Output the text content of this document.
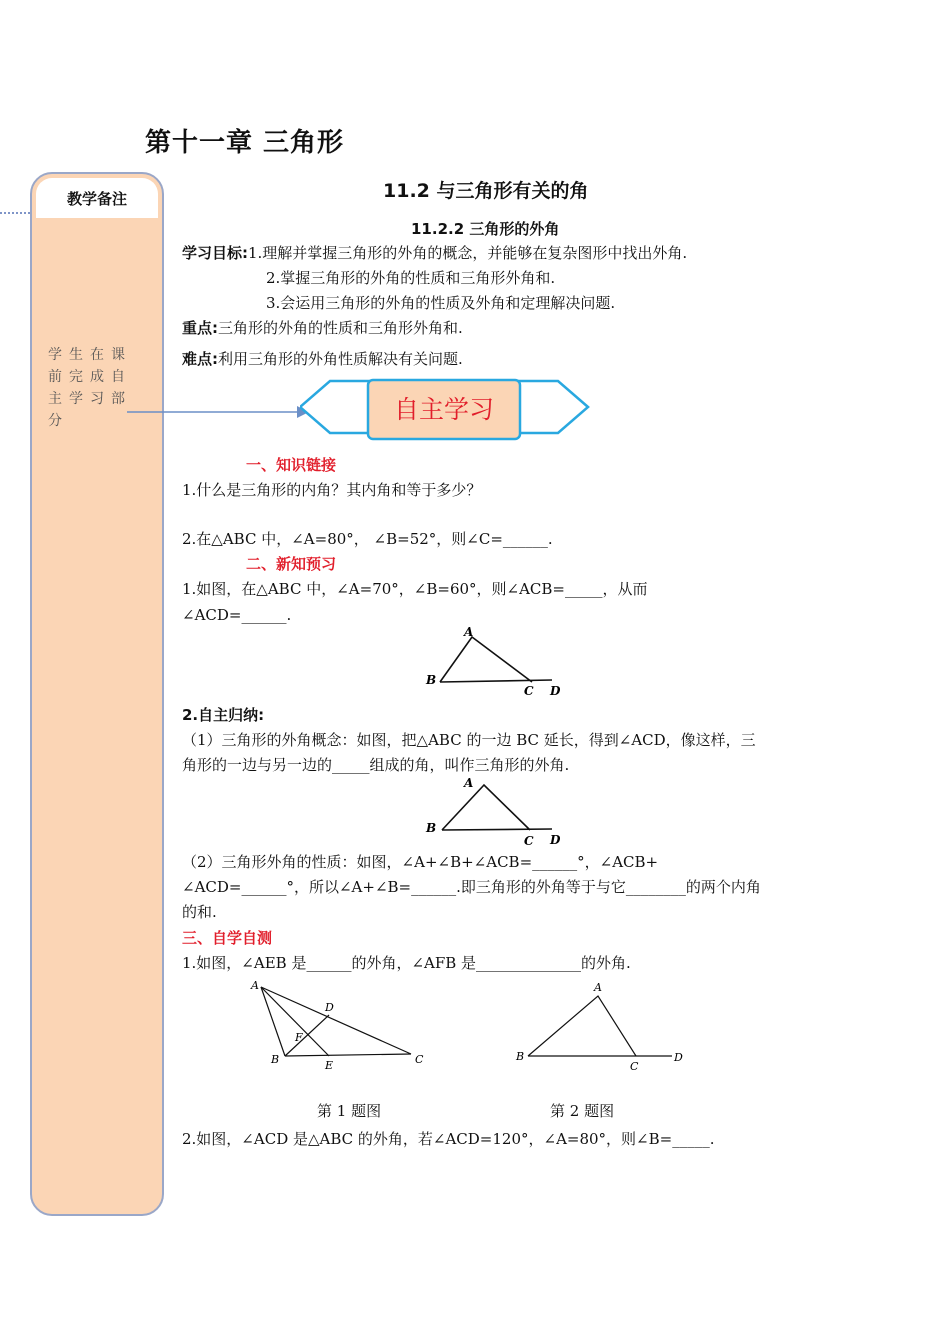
第十一章 三角形
教学备注
学生在课前完成自主学习部分
11.2 与三角形有关的角
11.2.2 三角形的外角
学习目标:1.理解并掌握三角形的外角的概念，并能够在复杂图形中找出外角.
2.掌握三角形的外角的性质和三角形外角和.
3.会运用三角形的外角的性质及外角和定理解决问题.
重点:三角形的外角的性质和三角形外角和.
难点:利用三角形的外角性质解决有关问题.
自主学习
一、知识链接
1.什么是三角形的内角？其内角和等于多少？
2.在△ABC 中，∠A=80°， ∠B=52°，则∠C=______.
二、新知预习
1.如图，在△ABC 中，∠A=70°，∠B=60°，则∠ACB=_____，从而
∠ACD=______.
A
B
C D
2.自主归纳:
（1）三角形的外角概念：如图，把△ABC 的一边 BC 延长，得到∠ACD，像这样，三
角形的一边与另一边的_____组成的角，叫作三角形的外角.
A
B
C D
（2）三角形外角的性质：如图，∠A+∠B+∠ACB=______°，∠ACB+
∠ACD=______°，所以∠A+∠B=______.即三角形的外角等于与它________的两个内角
的和.
三、自学自测
1.如图，∠AEB 是______的外角，∠AFB 是______________的外角.
A
D
F
B	E	C
A
B
C
D
第 1 题图	第 2 题图
2.如图，∠ACD 是△ABC 的外角，若∠ACD=120°，∠A=80°，则∠B=_____.
